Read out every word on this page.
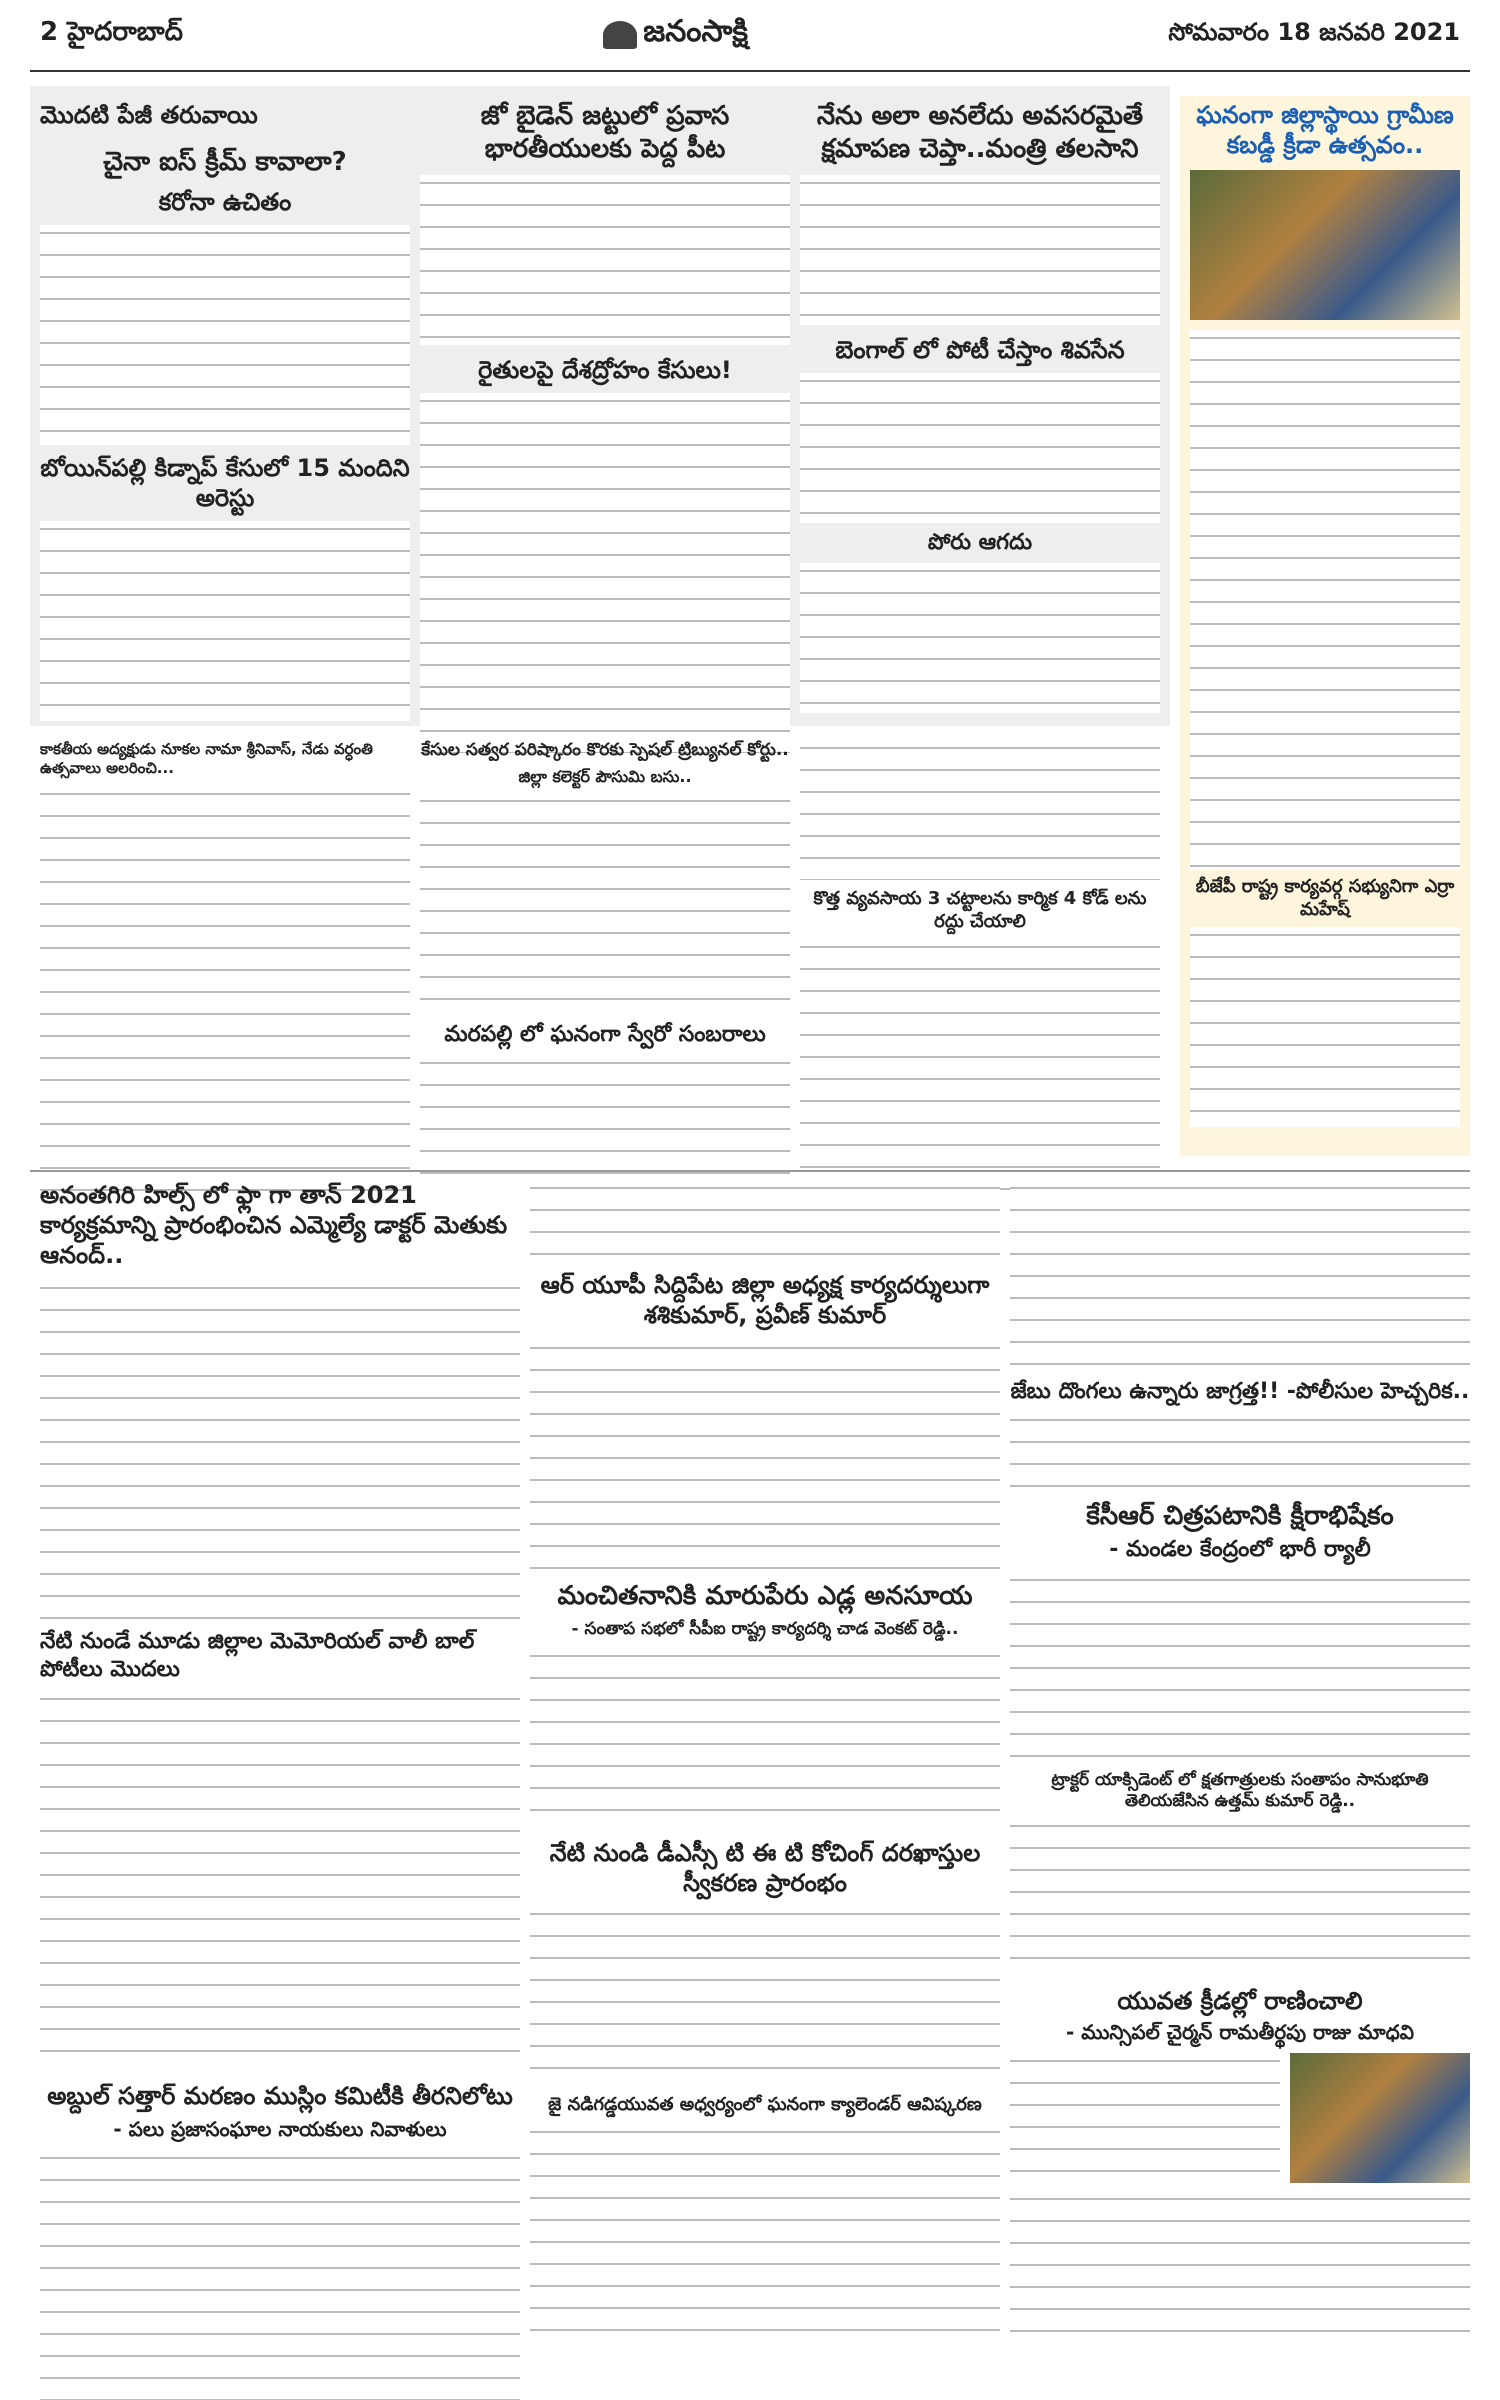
2 హైదరాబాద్	జనంసాక్షి	సోమవారం 18 జనవరి 2021
మొదటి పేజీ తరువాయి
చైనా ఐస్ క్రీమ్ కావాలా?
కరోనా ఉచితం
బోయిన్‌పల్లి కిడ్నాప్ కేసులో 15 మందిని అరెస్టు
జో బైడెన్ జట్టులో ప్రవాస భారతీయులకు పెద్ద పీట
రైతులపై దేశద్రోహం కేసులు!
నేను అలా అనలేదు అవసరమైతే క్షమాపణ చెప్తా..మంత్రి తలసాని
బెంగాల్ లో పోటీ చేస్తాం శివసేన
పోరు ఆగదు
ఘనంగా జిల్లాస్థాయి గ్రామీణ కబడ్డీ క్రీడా ఉత్సవం..
బీజేపీ రాష్ట్ర కార్యవర్గ సభ్యునిగా ఎర్రా మహేష్
కాకతీయ అద్యక్షుడు నూకల నామా శ్రీనివాస్, నేడు వర్ధంతి ఉత్సవాలు అలరించి...
కేసుల సత్వర పరిష్కారం కొరకు స్పెషల్ ట్రిబ్యునల్ కోర్టు..
జిల్లా కలెక్టర్ పౌసుమి బసు..
మరపల్లి లో ఘనంగా స్వేరో సంబరాలు
కొత్త వ్యవసాయ 3 చట్టాలను కార్మిక 4 కోడ్ లను రద్దు చేయాలి
అనంతగిరి హిల్స్ లో ఫ్లా గా తాన్ 2021 కార్యక్రమాన్ని ప్రారంభించిన ఎమ్మెల్యే డాక్టర్ మెతుకు ఆనంద్..
నేటి నుండే మూడు జిల్లాల మెమోరియల్ వాలీ బాల్ పోటీలు మొదలు
అబ్దుల్ సత్తార్ మరణం ముస్లిం కమిటీకి తీరనిలోటు
- పలు ప్రజాసంఘాల నాయకులు నివాళులు
ఆర్ యూపీ సిద్దిపేట జిల్లా అధ్యక్ష కార్యదర్శులుగా శశికుమార్, ప్రవీణ్ కుమార్
మంచితనానికి మారుపేరు ఎడ్ల అనసూయ
- సంతాప సభలో సీపీఐ రాష్ట్ర కార్యదర్శి చాడ వెంకట్ రెడ్డి..
నేటి నుండి డీఎస్సీ టి ఈ టి కోచింగ్ దరఖాస్తుల స్వీకరణ ప్రారంభం
జై నడిగడ్డయువత అధ్వర్యంలో ఘనంగా క్యాలెండర్ ఆవిష్కరణ
జేబు దొంగలు ఉన్నారు జాగ్రత్త!! -పోలీసుల హెచ్చరిక..
కేసీఆర్ చిత్రపటానికి క్షీరాభిషేకం
- మండల కేంద్రంలో భారీ ర్యాలీ
ట్రాక్టర్ యాక్సిడెంట్ లో క్షతగాత్రులకు సంతాపం సానుభూతి తెలియజేసిన ఉత్తమ్ కుమార్ రెడ్డి..
యువత క్రీడల్లో రాణించాలి
- మున్సిపల్ చైర్మన్ రామతీర్థపు రాజు మాధవి
